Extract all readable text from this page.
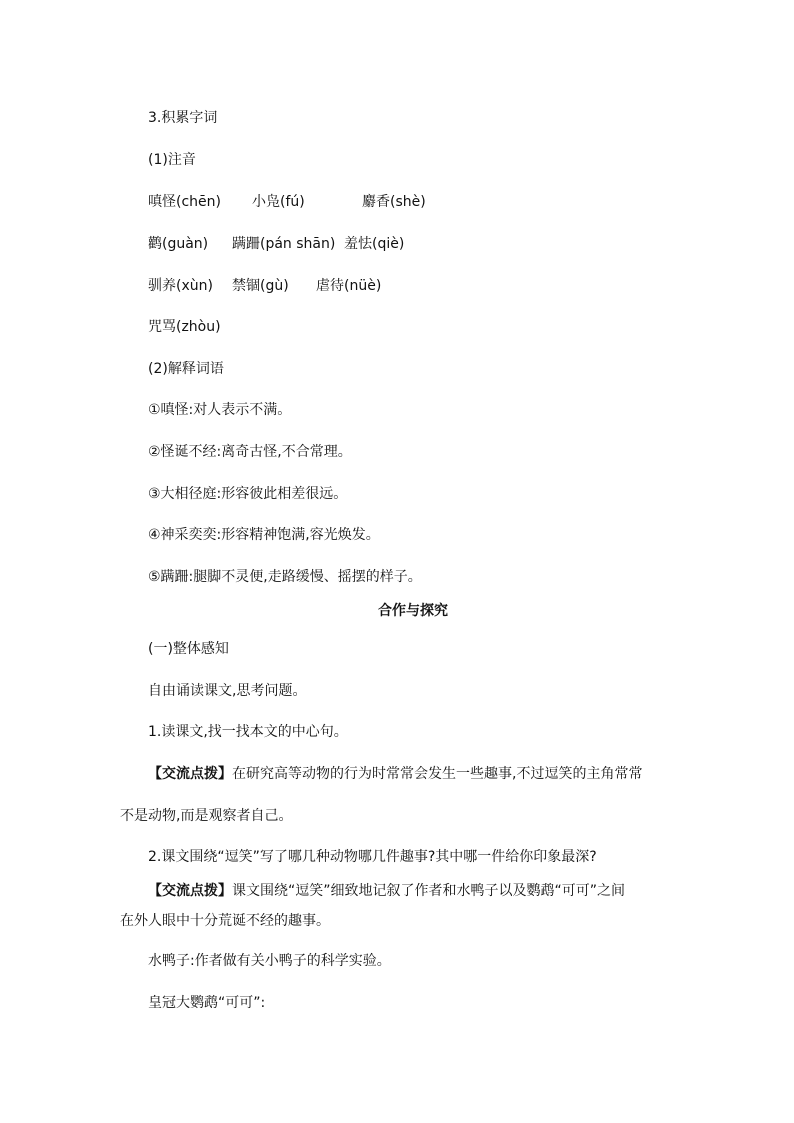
3.积累字词
(1)注音
嗔怪(chēn) 小凫(fú)	麝香(shè)
鹳(guàn) 蹒跚(pán shān) 羞怯(qiè)
驯养(xùn) 禁锢(gù) 虐待(nüè)
咒骂(zhòu)
(2)解释词语
①嗔怪:对人表示不满。
②怪诞不经:离奇古怪,不合常理。
③大相径庭:形容彼此相差很远。
④神采奕奕:形容精神饱满,容光焕发。
⑤蹒跚:腿脚不灵便,走路缓慢、摇摆的样子。
合作与探究
(一)整体感知
自由诵读课文,思考问题。
1.读课文,找一找本文的中心句。
【交流点拨】在研究高等动物的行为时常常会发生一些趣事,不过逗笑的主角常常
不是动物,而是观察者自己。
2.课文围绕“逗笑”写了哪几种动物哪几件趣事?其中哪一件给你印象最深?
【交流点拨】课文围绕“逗笑”细致地记叙了作者和水鸭子以及鹦鹉“可可”之间
在外人眼中十分荒诞不经的趣事。
水鸭子:作者做有关小鸭子的科学实验。
皇冠大鹦鹉“可可”:
